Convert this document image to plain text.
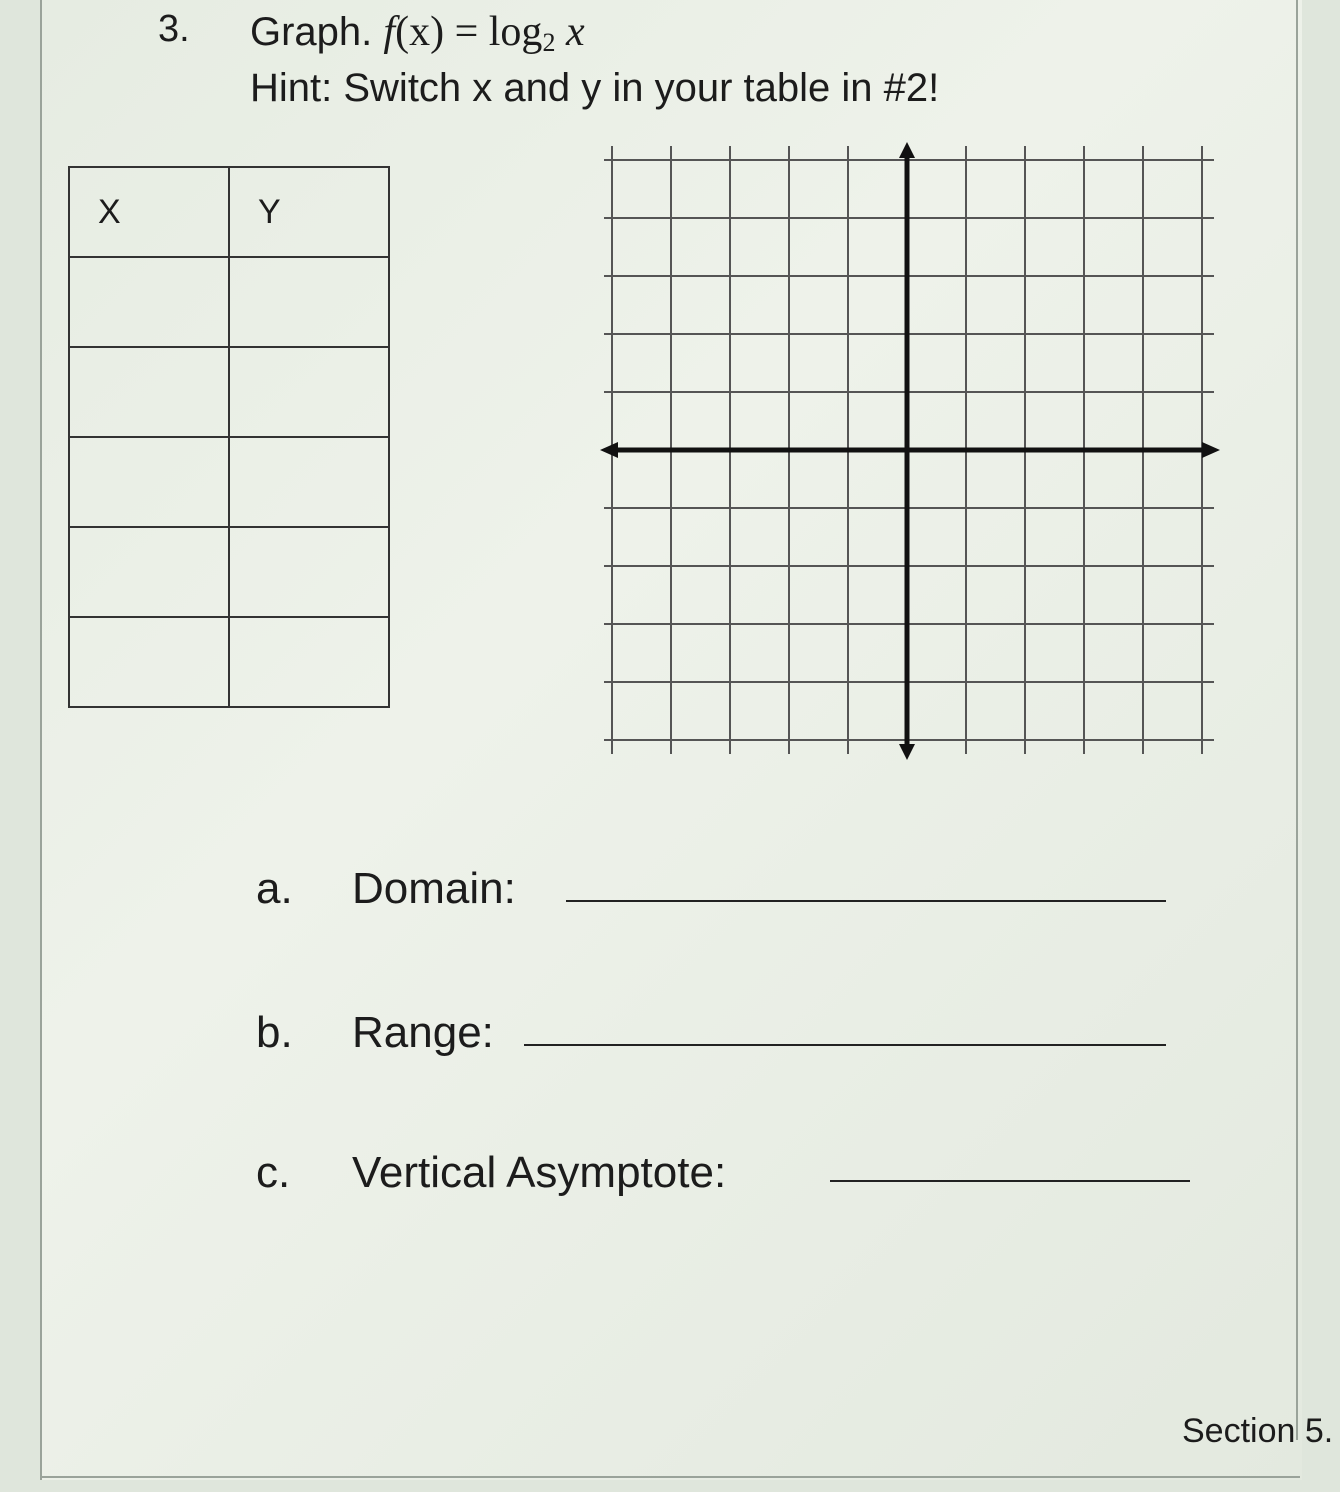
3. Graph. $f(x) = \log_2 x$
Hint: Switch x and y in your table in #2!
X	Y

a. Domain:
b. Range:
c. Vertical Asymptote:
Section 5.
